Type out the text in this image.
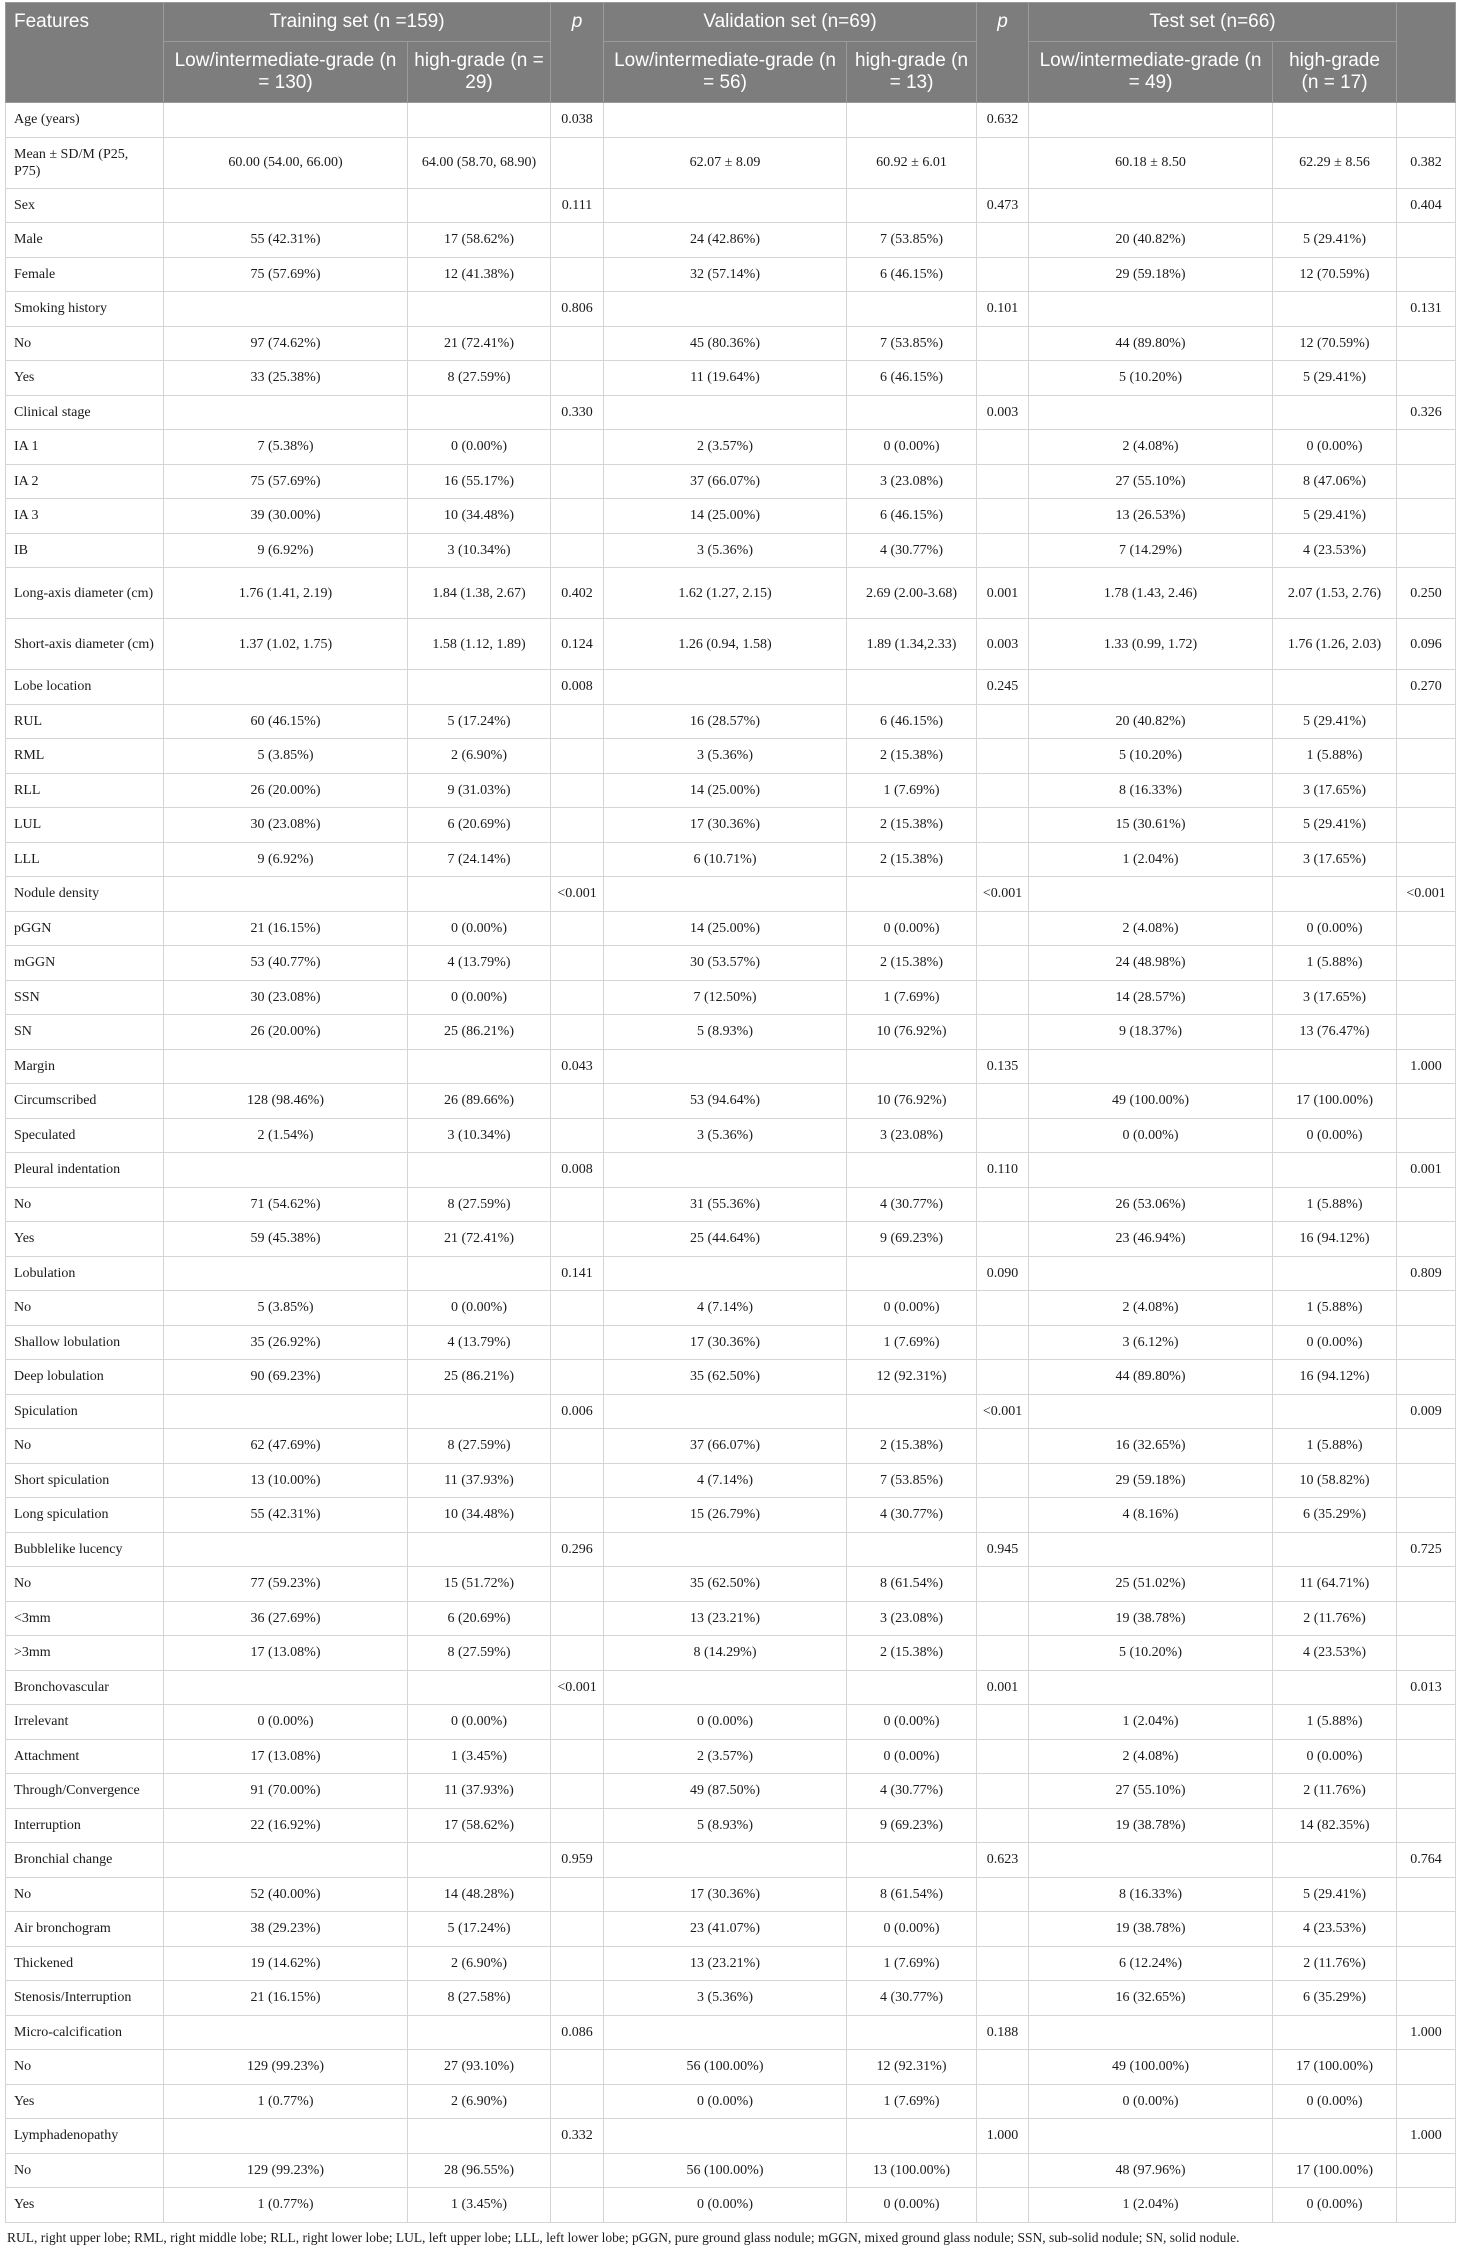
Features	Training set (n =159)		p	Validation set (n=69)		p	Test set (n=66)		
	Low/intermediate-grade (n = 130)	high-grade (n = 29)		Low/intermediate-grade (n = 56)	high-grade (n = 13)		Low/intermediate-grade (n = 49)	high-grade (n = 17)	
Age (years)			0.038			0.632			
Mean ± SD/M (P25, P75)	60.00 (54.00, 66.00)	64.00 (58.70, 68.90)		62.07 ± 8.09	60.92 ± 6.01		60.18 ± 8.50	62.29 ± 8.56	0.382
Sex			0.111			0.473			0.404
Male	55 (42.31%)	17 (58.62%)		24 (42.86%)	7 (53.85%)		20 (40.82%)	5 (29.41%)	
Female	75 (57.69%)	12 (41.38%)		32 (57.14%)	6 (46.15%)		29 (59.18%)	12 (70.59%)	
Smoking history			0.806			0.101			0.131
No	97 (74.62%)	21 (72.41%)		45 (80.36%)	7 (53.85%)		44 (89.80%)	12 (70.59%)	
Yes	33 (25.38%)	8 (27.59%)		11 (19.64%)	6 (46.15%)		5 (10.20%)	5 (29.41%)	
Clinical stage			0.330			0.003			0.326
IA 1	7 (5.38%)	0 (0.00%)		2 (3.57%)	0 (0.00%)		2 (4.08%)	0 (0.00%)	
IA 2	75 (57.69%)	16 (55.17%)		37 (66.07%)	3 (23.08%)		27 (55.10%)	8 (47.06%)	
IA 3	39 (30.00%)	10 (34.48%)		14 (25.00%)	6 (46.15%)		13 (26.53%)	5 (29.41%)	
IB	9 (6.92%)	3 (10.34%)		3 (5.36%)	4 (30.77%)		7 (14.29%)	4 (23.53%)	
Long-axis diameter (cm)	1.76 (1.41, 2.19)	1.84 (1.38, 2.67)	0.402	1.62 (1.27, 2.15)	2.69 (2.00-3.68)	0.001	1.78 (1.43, 2.46)	2.07 (1.53, 2.76)	0.250
Short-axis diameter (cm)	1.37 (1.02, 1.75)	1.58 (1.12, 1.89)	0.124	1.26 (0.94, 1.58)	1.89 (1.34,2.33)	0.003	1.33 (0.99, 1.72)	1.76 (1.26, 2.03)	0.096
Lobe location			0.008			0.245			0.270
RUL	60 (46.15%)	5 (17.24%)		16 (28.57%)	6 (46.15%)		20 (40.82%)	5 (29.41%)	
RML	5 (3.85%)	2 (6.90%)		3 (5.36%)	2 (15.38%)		5 (10.20%)	1 (5.88%)	
RLL	26 (20.00%)	9 (31.03%)		14 (25.00%)	1 (7.69%)		8 (16.33%)	3 (17.65%)	
LUL	30 (23.08%)	6 (20.69%)		17 (30.36%)	2 (15.38%)		15 (30.61%)	5 (29.41%)	
LLL	9 (6.92%)	7 (24.14%)		6 (10.71%)	2 (15.38%)		1 (2.04%)	3 (17.65%)	
Nodule density			<0.001			<0.001			<0.001
pGGN	21 (16.15%)	0 (0.00%)		14 (25.00%)	0 (0.00%)		2 (4.08%)	0 (0.00%)	
mGGN	53 (40.77%)	4 (13.79%)		30 (53.57%)	2 (15.38%)		24 (48.98%)	1 (5.88%)	
SSN	30 (23.08%)	0 (0.00%)		7 (12.50%)	1 (7.69%)		14 (28.57%)	3 (17.65%)	
SN	26 (20.00%)	25 (86.21%)		5 (8.93%)	10 (76.92%)		9 (18.37%)	13 (76.47%)	
Margin			0.043			0.135			1.000
Circumscribed	128 (98.46%)	26 (89.66%)		53 (94.64%)	10 (76.92%)		49 (100.00%)	17 (100.00%)	
Speculated	2 (1.54%)	3 (10.34%)		3 (5.36%)	3 (23.08%)		0 (0.00%)	0 (0.00%)	
Pleural indentation			0.008			0.110			0.001
No	71 (54.62%)	8 (27.59%)		31 (55.36%)	4 (30.77%)		26 (53.06%)	1 (5.88%)	
Yes	59 (45.38%)	21 (72.41%)		25 (44.64%)	9 (69.23%)		23 (46.94%)	16 (94.12%)	
Lobulation			0.141			0.090			0.809
No	5 (3.85%)	0 (0.00%)		4 (7.14%)	0 (0.00%)		2 (4.08%)	1 (5.88%)	
Shallow lobulation	35 (26.92%)	4 (13.79%)		17 (30.36%)	1 (7.69%)		3 (6.12%)	0 (0.00%)	
Deep lobulation	90 (69.23%)	25 (86.21%)		35 (62.50%)	12 (92.31%)		44 (89.80%)	16 (94.12%)	
Spiculation			0.006			<0.001			0.009
No	62 (47.69%)	8 (27.59%)		37 (66.07%)	2 (15.38%)		16 (32.65%)	1 (5.88%)	
Short spiculation	13 (10.00%)	11 (37.93%)		4 (7.14%)	7 (53.85%)		29 (59.18%)	10 (58.82%)	
Long spiculation	55 (42.31%)	10 (34.48%)		15 (26.79%)	4 (30.77%)		4 (8.16%)	6 (35.29%)	
Bubblelike lucency			0.296			0.945			0.725
No	77 (59.23%)	15 (51.72%)		35 (62.50%)	8 (61.54%)		25 (51.02%)	11 (64.71%)	
<3mm	36 (27.69%)	6 (20.69%)		13 (23.21%)	3 (23.08%)		19 (38.78%)	2 (11.76%)	
>3mm	17 (13.08%)	8 (27.59%)		8 (14.29%)	2 (15.38%)		5 (10.20%)	4 (23.53%)	
Bronchovascular			<0.001			0.001			0.013
Irrelevant	0 (0.00%)	0 (0.00%)		0 (0.00%)	0 (0.00%)		1 (2.04%)	1 (5.88%)	
Attachment	17 (13.08%)	1 (3.45%)		2 (3.57%)	0 (0.00%)		2 (4.08%)	0 (0.00%)	
Through/Convergence	91 (70.00%)	11 (37.93%)		49 (87.50%)	4 (30.77%)		27 (55.10%)	2 (11.76%)	
Interruption	22 (16.92%)	17 (58.62%)		5 (8.93%)	9 (69.23%)		19 (38.78%)	14 (82.35%)	
Bronchial change			0.959			0.623			0.764
No	52 (40.00%)	14 (48.28%)		17 (30.36%)	8 (61.54%)		8 (16.33%)	5 (29.41%)	
Air bronchogram	38 (29.23%)	5 (17.24%)		23 (41.07%)	0 (0.00%)		19 (38.78%)	4 (23.53%)	
Thickened	19 (14.62%)	2 (6.90%)		13 (23.21%)	1 (7.69%)		6 (12.24%)	2 (11.76%)	
Stenosis/Interruption	21 (16.15%)	8 (27.58%)		3 (5.36%)	4 (30.77%)		16 (32.65%)	6 (35.29%)	
Micro-calcification			0.086			0.188			1.000
No	129 (99.23%)	27 (93.10%)		56 (100.00%)	12 (92.31%)		49 (100.00%)	17 (100.00%)	
Yes	1 (0.77%)	2 (6.90%)		0 (0.00%)	1 (7.69%)		0 (0.00%)	0 (0.00%)	
Lymphadenopathy			0.332			1.000			1.000
No	129 (99.23%)	28 (96.55%)		56 (100.00%)	13 (100.00%)		48 (97.96%)	17 (100.00%)	
Yes	1 (0.77%)	1 (3.45%)		0 (0.00%)	0 (0.00%)		1 (2.04%)	0 (0.00%)	
RUL, right upper lobe; RML, right middle lobe; RLL, right lower lobe; LUL, left upper lobe; LLL, left lower lobe; pGGN, pure ground glass nodule; mGGN, mixed ground glass nodule; SSN, sub-solid nodule; SN, solid nodule.
